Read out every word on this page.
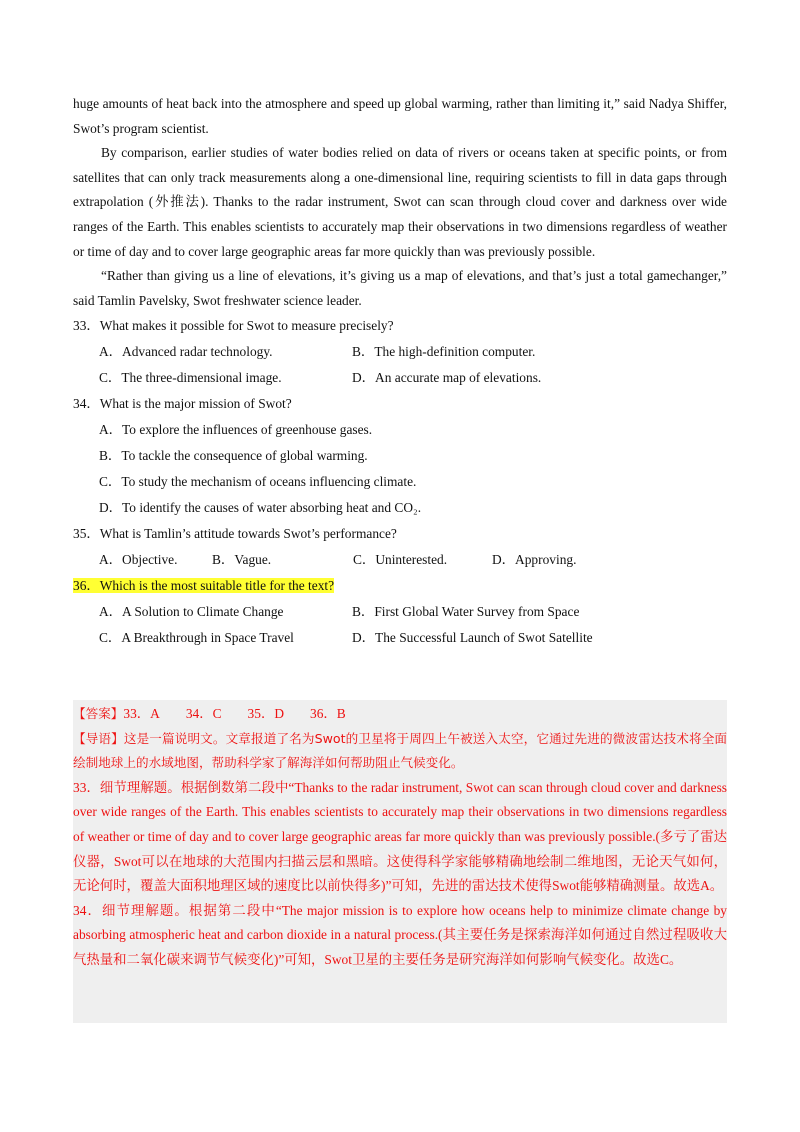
huge amounts of heat back into the atmosphere and speed up global warming, rather than limiting it,” said Nadya Shiffer, Swot’s program scientist.

By comparison, earlier studies of water bodies relied on data of rivers or oceans taken at specific points, or from satellites that can only track measurements along a one-dimensional line, requiring scientists to fill in data gaps through extrapolation (外推法). Thanks to the radar instrument, Swot can scan through cloud cover and darkness over wide ranges of the Earth. This enables scientists to accurately map their observations in two dimensions regardless of weather or time of day and to cover large geographic areas far more quickly than was previously possible.

“Rather than giving us a line of elevations, it’s giving us a map of elevations, and that’s just a total gamechanger,” said Tamlin Pavelsky, Swot freshwater science leader.

33．What makes it possible for Swot to measure precisely?

A．Advanced radar technology.	B．The high-definition computer.
C．The three-dimensional image.	D．An accurate map of elevations.

34．What is the major mission of Swot?

A．To explore the influences of greenhouse gases.
B．To tackle the consequence of global warming.
C．To study the mechanism of oceans influencing climate.
D．To identify the causes of water absorbing heat and CO₂.

35．What is Tamlin’s attitude towards Swot’s performance?

A．Objective.	B．Vague.	C．Uninterested.	D．Approving.

36．Which is the most suitable title for the text?

A．A Solution to Climate Change	B．First Global Water Survey from Space
C．A Breakthrough in Space Travel	D．The Successful Launch of Swot Satellite

【答案】33．A 34．C 35．D 36．B

【导语】这是一篇说明文。文章报道了名为Swot的卫星将于周四上午被送入太空，它通过先进的微波雷达技术将全面绘制地球上的水域地图，帮助科学家了解海洋如何帮助阻止气候变化。

33．细节理解题。根据倒数第二段中“Thanks to the radar instrument, Swot can scan through cloud cover and darkness over wide ranges of the Earth. This enables scientists to accurately map their observations in two dimensions regardless of weather or time of day and to cover large geographic areas far more quickly than was previously possible.(多亏了雷达仪器，Swot可以在地球的大范围内扫描云层和黑暗。这使得科学家能够精确地绘制二维地图，无论天气如何，无论何时，覆盖大面积地理区域的速度比以前快得多)”可知，先进的雷达技术使得Swot能够精确测量。故选A。

34．细节理解题。根据第二段中“The major mission is to explore how oceans help to minimize climate change by absorbing atmospheric heat and carbon dioxide in a natural process.(其主要任务是探索海洋如何通过自然过程吸收大气热量和二氧化碳来调节气候变化)”可知，Swot卫星的主要任务是研究海洋如何影响气候变化。故选C。
